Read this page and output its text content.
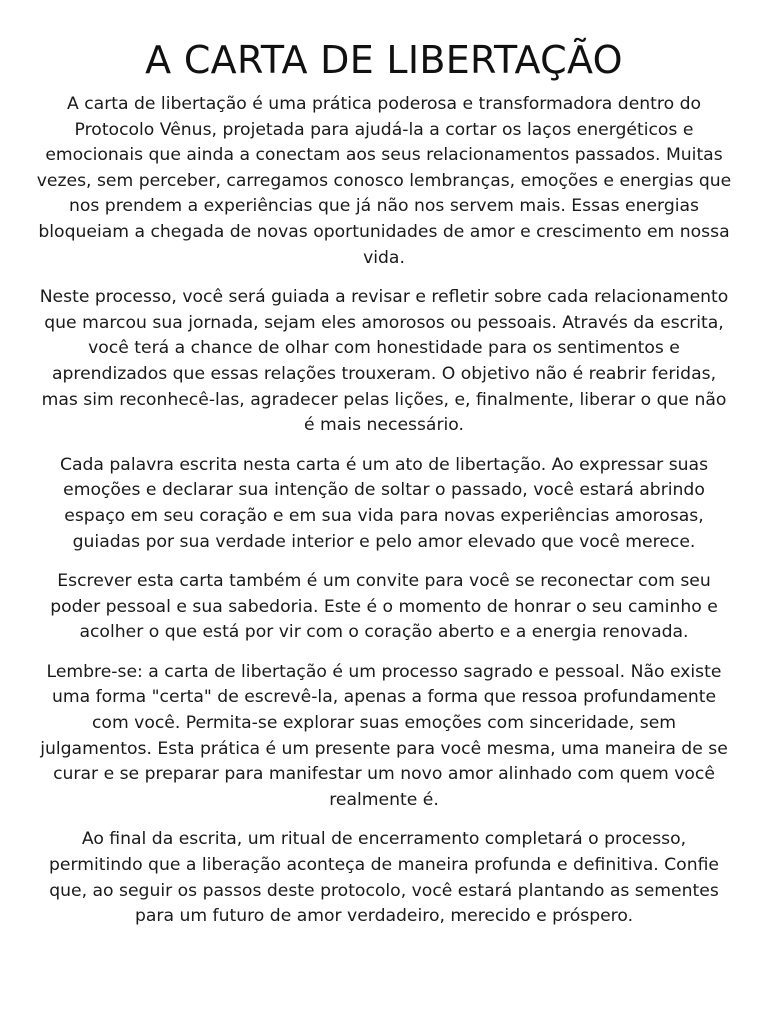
A CARTA DE LIBERTAÇÃO

A carta de libertação é uma prática poderosa e transformadora dentro do Protocolo Vênus, projetada para ajudá-la a cortar os laços energéticos e emocionais que ainda a conectam aos seus relacionamentos passados. Muitas vezes, sem perceber, carregamos conosco lembranças, emoções e energias que nos prendem a experiências que já não nos servem mais. Essas energias bloqueiam a chegada de novas oportunidades de amor e crescimento em nossa vida.

Neste processo, você será guiada a revisar e refletir sobre cada relacionamento que marcou sua jornada, sejam eles amorosos ou pessoais. Através da escrita, você terá a chance de olhar com honestidade para os sentimentos e aprendizados que essas relações trouxeram. O objetivo não é reabrir feridas, mas sim reconhecê-las, agradecer pelas lições, e, finalmente, liberar o que não é mais necessário.

Cada palavra escrita nesta carta é um ato de libertação. Ao expressar suas emoções e declarar sua intenção de soltar o passado, você estará abrindo espaço em seu coração e em sua vida para novas experiências amorosas, guiadas por sua verdade interior e pelo amor elevado que você merece.

Escrever esta carta também é um convite para você se reconectar com seu poder pessoal e sua sabedoria. Este é o momento de honrar o seu caminho e acolher o que está por vir com o coração aberto e a energia renovada.

Lembre-se: a carta de libertação é um processo sagrado e pessoal. Não existe uma forma "certa" de escrevê-la, apenas a forma que ressoa profundamente com você. Permita-se explorar suas emoções com sinceridade, sem julgamentos. Esta prática é um presente para você mesma, uma maneira de se curar e se preparar para manifestar um novo amor alinhado com quem você realmente é.

Ao final da escrita, um ritual de encerramento completará o processo, permitindo que a liberação aconteça de maneira profunda e definitiva. Confie que, ao seguir os passos deste protocolo, você estará plantando as sementes para um futuro de amor verdadeiro, merecido e próspero.
